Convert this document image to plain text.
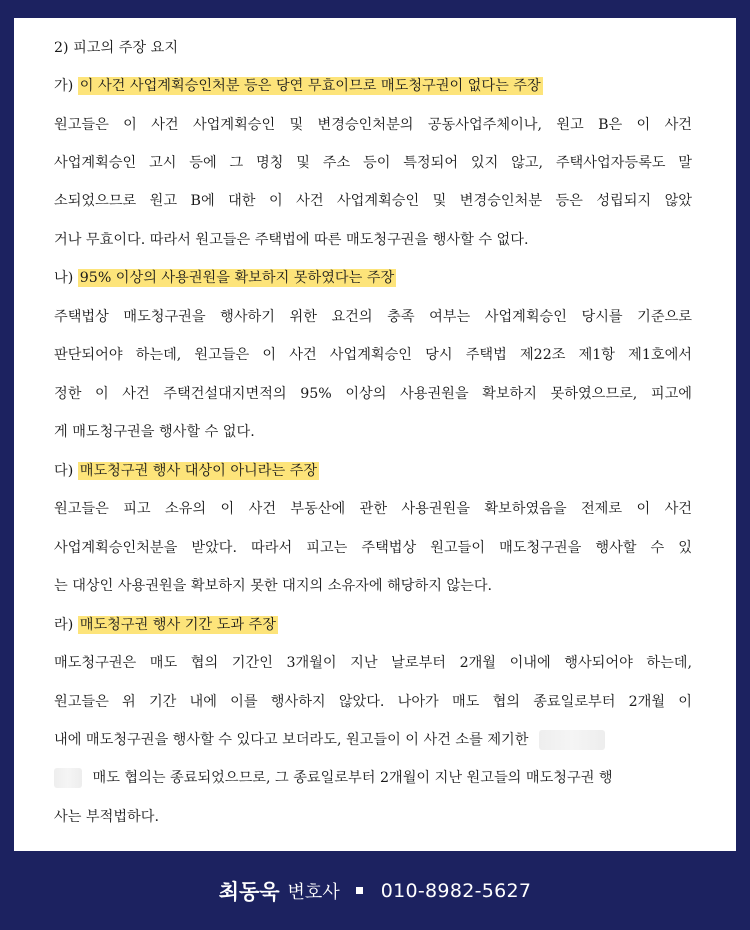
2) 피고의 주장 요지
가) 이 사건 사업계획승인처분 등은 당연 무효이므로 매도청구권이 없다는 주장
원고들은 이 사건 사업계획승인 및 변경승인처분의 공동사업주체이나, 원고 B은 이 사건
사업계획승인 고시 등에 그 명칭 및 주소 등이 특정되어 있지 않고, 주택사업자등록도 말
소되었으므로 원고 B에 대한 이 사건 사업계획승인 및 변경승인처분 등은 성립되지 않았
거나 무효이다. 따라서 원고들은 주택법에 따른 매도청구권을 행사할 수 없다.
나) 95% 이상의 사용권원을 확보하지 못하였다는 주장
주택법상 매도청구권을 행사하기 위한 요건의 충족 여부는 사업계획승인 당시를 기준으로
판단되어야 하는데, 원고들은 이 사건 사업계획승인 당시 주택법 제22조 제1항 제1호에서
정한 이 사건 주택건설대지면적의 95% 이상의 사용권원을 확보하지 못하였으므로, 피고에
게 매도청구권을 행사할 수 없다.
다) 매도청구권 행사 대상이 아니라는 주장
원고들은 피고 소유의 이 사건 부동산에 관한 사용권원을 확보하였음을 전제로 이 사건
사업계획승인처분을 받았다. 따라서 피고는 주택법상 원고들이 매도청구권을 행사할 수 있
는 대상인 사용권원을 확보하지 못한 대지의 소유자에 해당하지 않는다.
라) 매도청구권 행사 기간 도과 주장
매도청구권은 매도 협의 기간인 3개월이 지난 날로부터 2개월 이내에 행사되어야 하는데,
원고들은 위 기간 내에 이를 행사하지 않았다. 나아가 매도 협의 종료일로부터 2개월 이
내에 매도청구권을 행사할 수 있다고 보더라도, 원고들이 이 사건 소를 제기한
매도 협의는 종료되었으므로, 그 종료일로부터 2개월이 지난 원고들의 매도청구권 행
사는 부적법하다.
최동욱 변호사 010-8982-5627
